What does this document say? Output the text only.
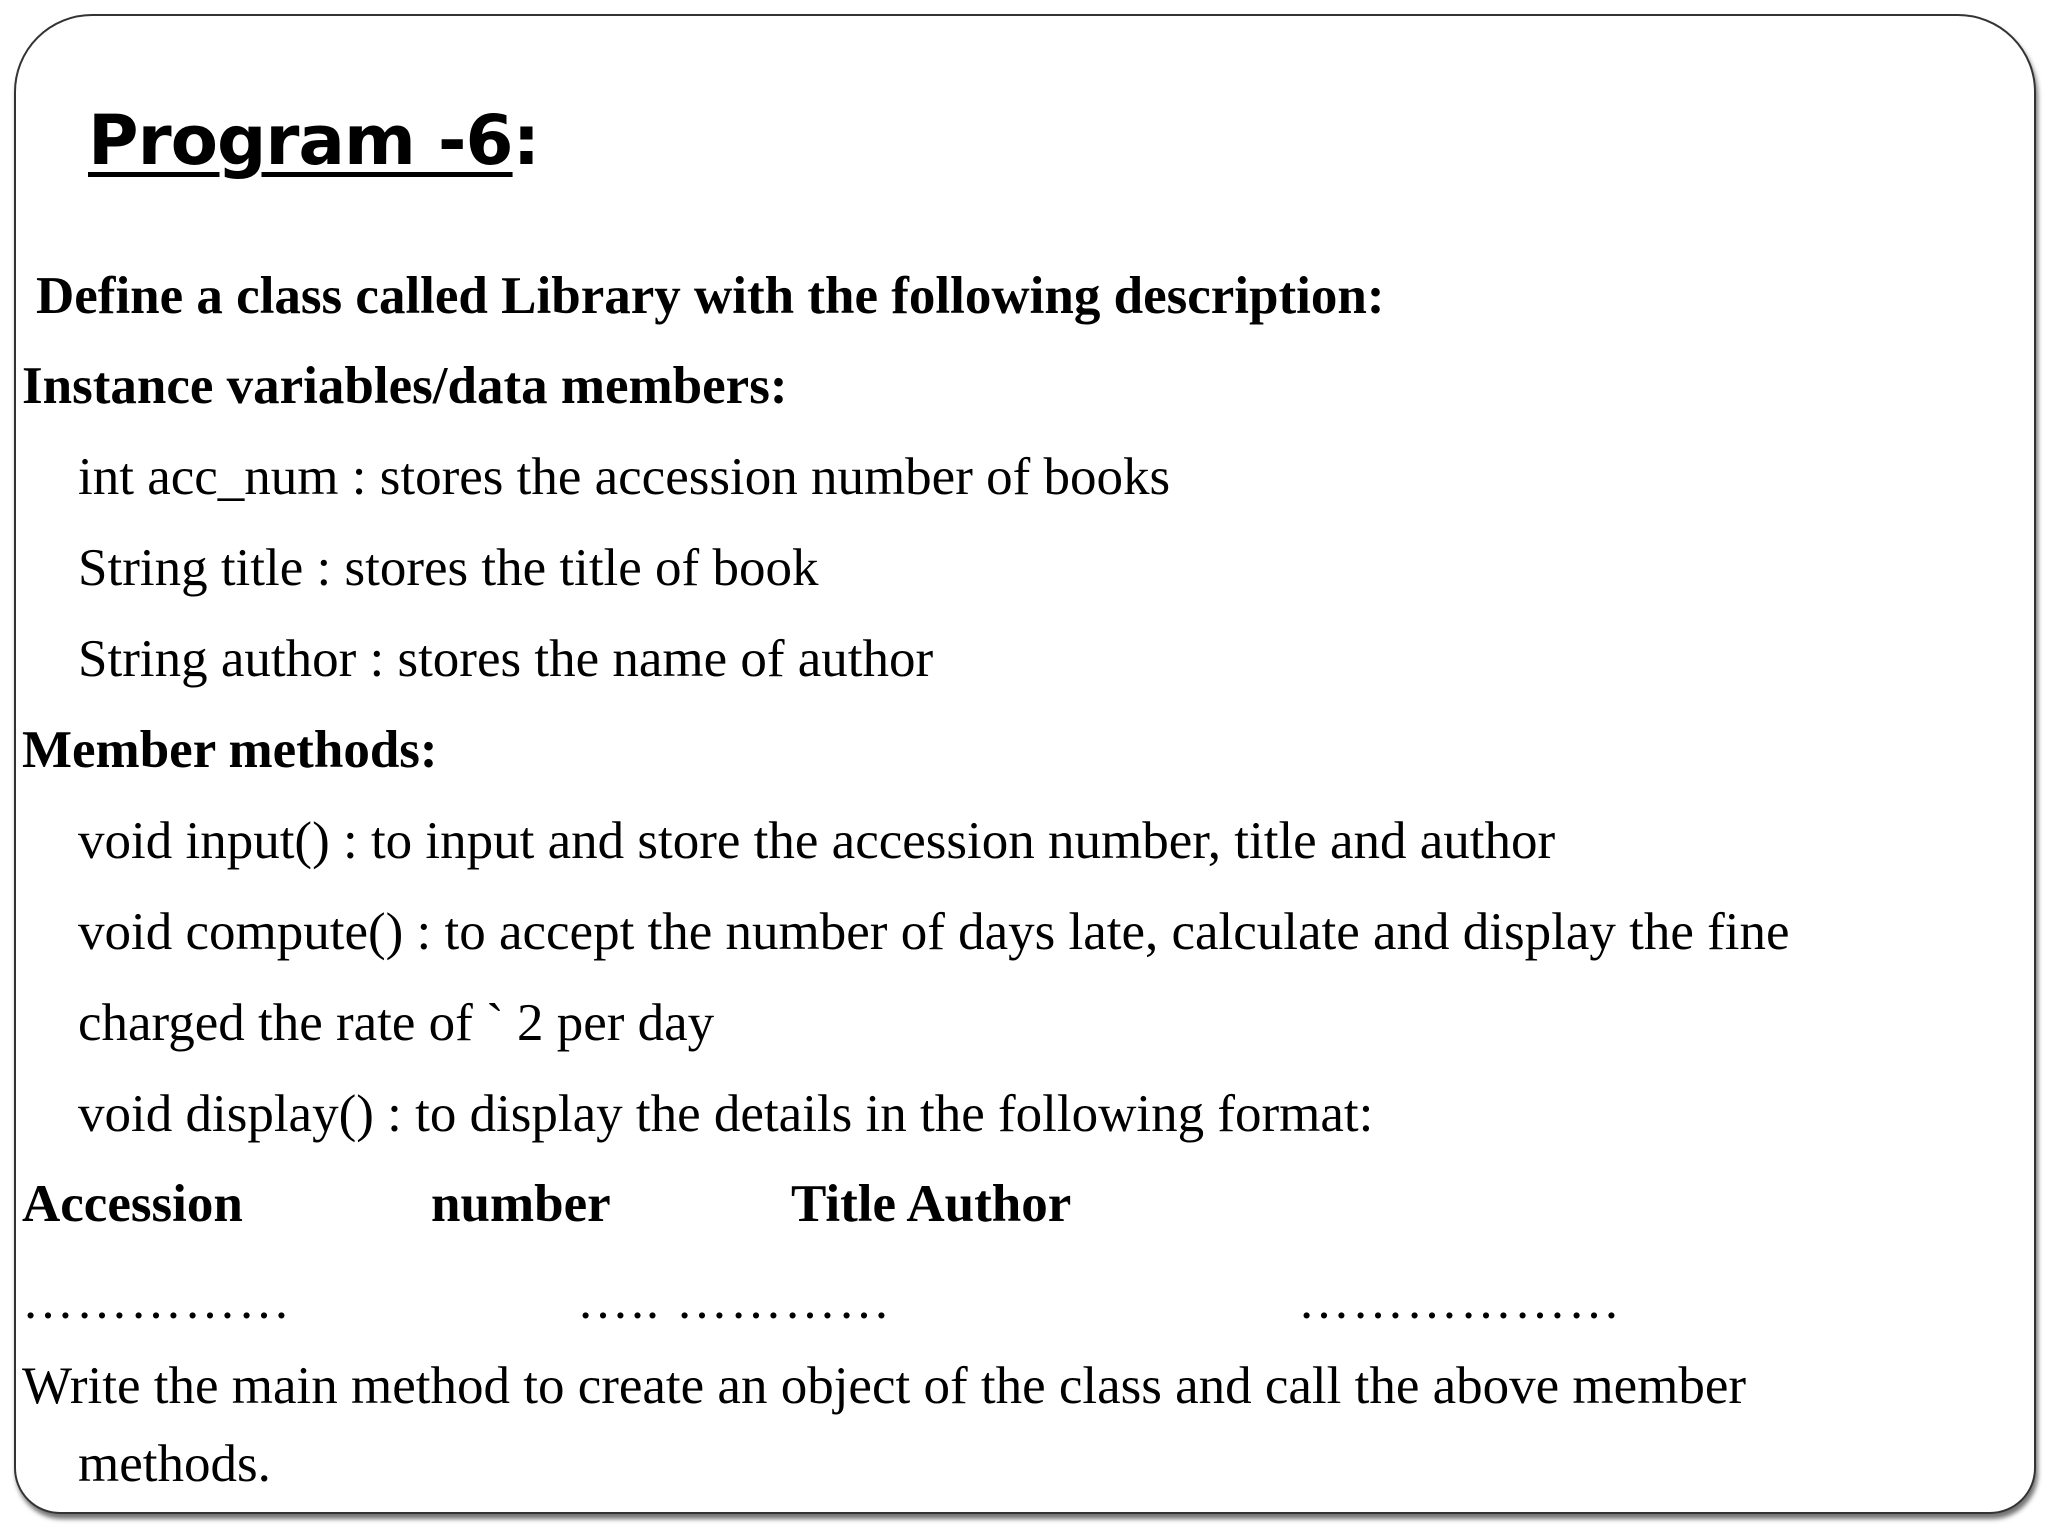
Program -6:

Define a class called Library with the following description:

Instance variables/data members:

int acc_num : stores the accession number of books

String title : stores the title of book

String author : stores the name of author

Member methods:

void input() : to input and store the accession number, title and author

void compute() : to accept the number of days late, calculate and display the fine

charged the rate of ` 2 per day

void display() : to display the details in the following format:

Accession	number	Title Author

……………	….. …………	………………

Write the main method to create an object of the class and call the above member

methods.
